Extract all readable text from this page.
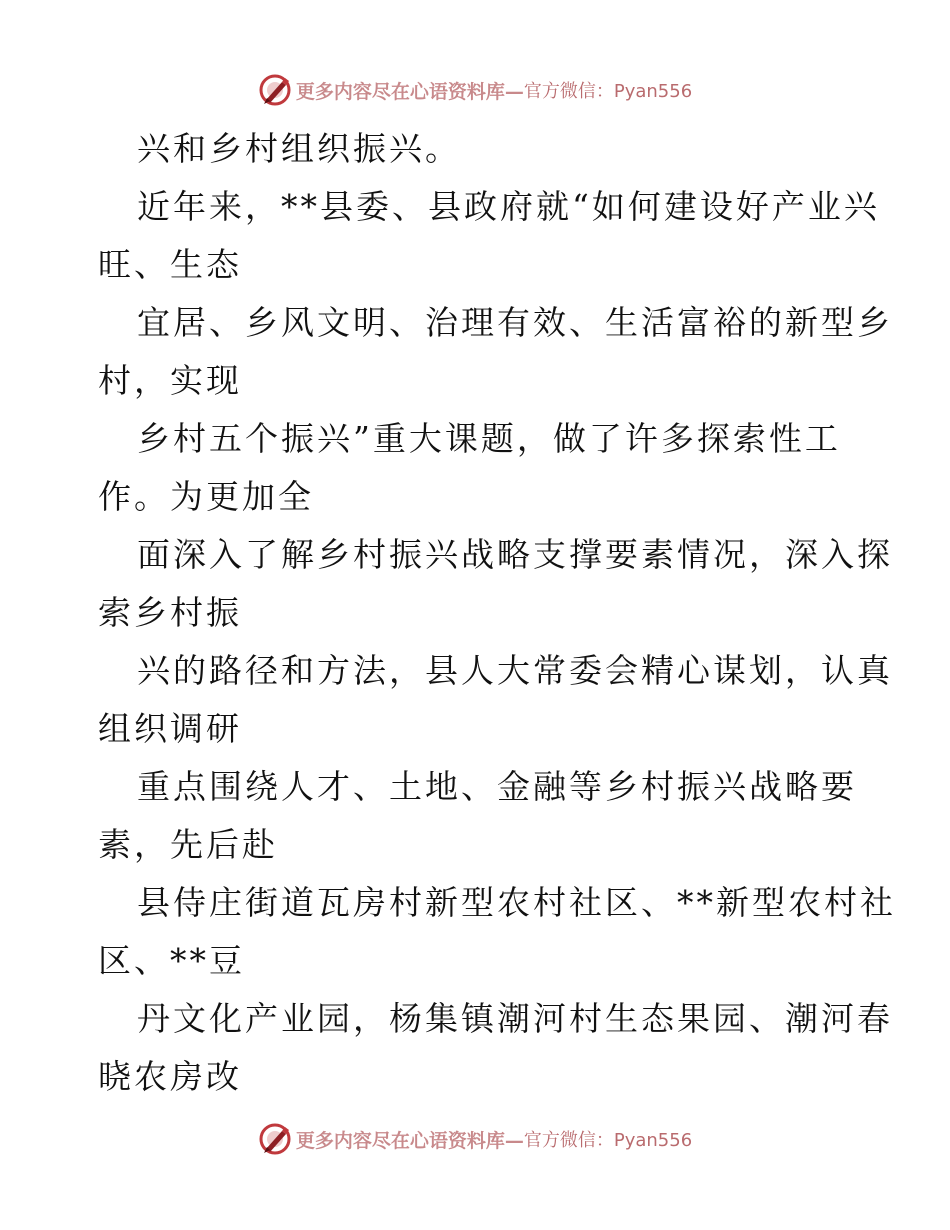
更多内容尽在心语资料库— 官方微信：Pyan556
兴和乡村组织振兴。
近年来，**县委、县政府就“如何建设好产业兴
旺、生态
宜居、乡风文明、治理有效、生活富裕的新型乡
村，实现
乡村五个振兴”重大课题，做了许多探索性工
作。为更加全
面深入了解乡村振兴战略支撑要素情况，深入探
索乡村振
兴的路径和方法，县人大常委会精心谋划，认真
组织调研
重点围绕人才、土地、金融等乡村振兴战略要
素，先后赴
县侍庄街道瓦房村新型农村社区、**新型农村社
区、**豆
丹文化产业园，杨集镇潮河村生态果园、潮河春
晓农房改
更多内容尽在心语资料库— 官方微信：Pyan556
